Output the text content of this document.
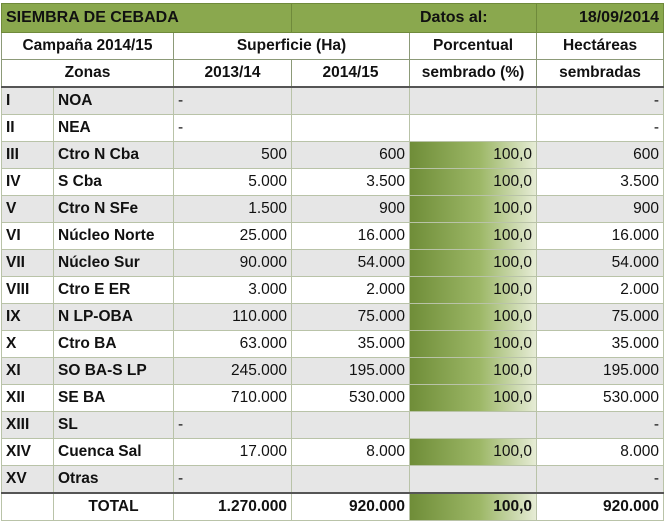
SIEMBRA DE CEBADA			Datos al:		18/09/2014
Campaña 2014/15		Superficie (Ha)		Porcentual	Hectáreas
Zonas		2013/14	2014/15	sembrado (%)	sembradas
I	NOA	-			-
II	NEA	-			-
III	Ctro N Cba	500	600	100,0	600
IV	S Cba	5.000	3.500	100,0	3.500
V	Ctro N SFe	1.500	900	100,0	900
VI	Núcleo Norte	25.000	16.000	100,0	16.000
VII	Núcleo Sur	90.000	54.000	100,0	54.000
VIII	Ctro E ER	3.000	2.000	100,0	2.000
IX	N LP-OBA	110.000	75.000	100,0	75.000
X	Ctro BA	63.000	35.000	100,0	35.000
XI	SO BA-S LP	245.000	195.000	100,0	195.000
XII	SE BA	710.000	530.000	100,0	530.000
XIII	SL	-			-
XIV	Cuenca Sal	17.000	8.000	100,0	8.000
XV	Otras	-			-
	TOTAL	1.270.000	920.000	100,0	920.000
